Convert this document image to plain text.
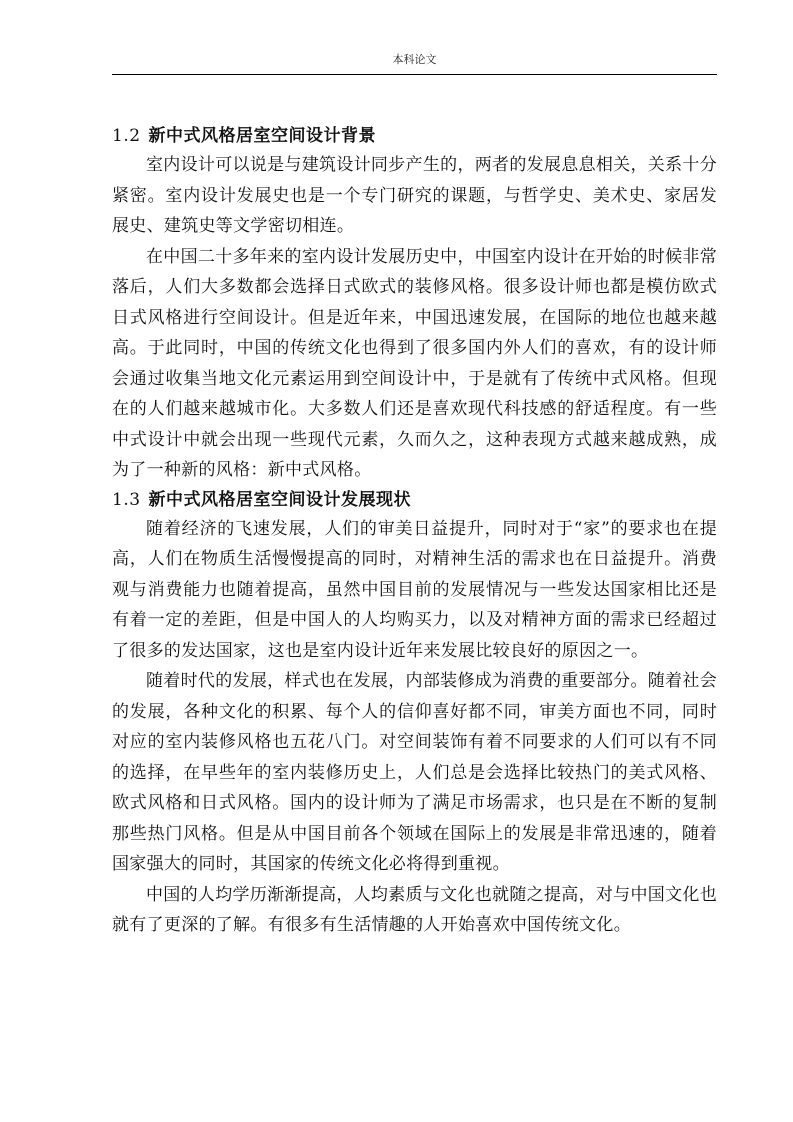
本科论文
1.2 新中式风格居室空间设计背景

室内设计可以说是与建筑设计同步产生的，两者的发展息息相关，关系十分紧密。室内设计发展史也是一个专门研究的课题，与哲学史、美术史、家居发展史、建筑史等文学密切相连。

在中国二十多年来的室内设计发展历史中，中国室内设计在开始的时候非常落后，人们大多数都会选择日式欧式的装修风格。很多设计师也都是模仿欧式日式风格进行空间设计。但是近年来，中国迅速发展，在国际的地位也越来越高。于此同时，中国的传统文化也得到了很多国内外人们的喜欢，有的设计师会通过收集当地文化元素运用到空间设计中，于是就有了传统中式风格。但现在的人们越来越城市化。大多数人们还是喜欢现代科技感的舒适程度。有一些中式设计中就会出现一些现代元素，久而久之，这种表现方式越来越成熟，成为了一种新的风格：新中式风格。

1.3 新中式风格居室空间设计发展现状

随着经济的飞速发展，人们的审美日益提升，同时对于“家”的要求也在提高，人们在物质生活慢慢提高的同时，对精神生活的需求也在日益提升。消费观与消费能力也随着提高，虽然中国目前的发展情况与一些发达国家相比还是有着一定的差距，但是中国人的人均购买力，以及对精神方面的需求已经超过了很多的发达国家，这也是室内设计近年来发展比较良好的原因之一。

随着时代的发展，样式也在发展，内部装修成为消费的重要部分。随着社会的发展，各种文化的积累、每个人的信仰喜好都不同，审美方面也不同，同时对应的室内装修风格也五花八门。对空间装饰有着不同要求的人们可以有不同的选择，在早些年的室内装修历史上，人们总是会选择比较热门的美式风格、欧式风格和日式风格。国内的设计师为了满足市场需求，也只是在不断的复制那些热门风格。但是从中国目前各个领域在国际上的发展是非常迅速的，随着国家强大的同时，其国家的传统文化必将得到重视。

中国的人均学历渐渐提高，人均素质与文化也就随之提高，对与中国文化也就有了更深的了解。有很多有生活情趣的人开始喜欢中国传统文化。
